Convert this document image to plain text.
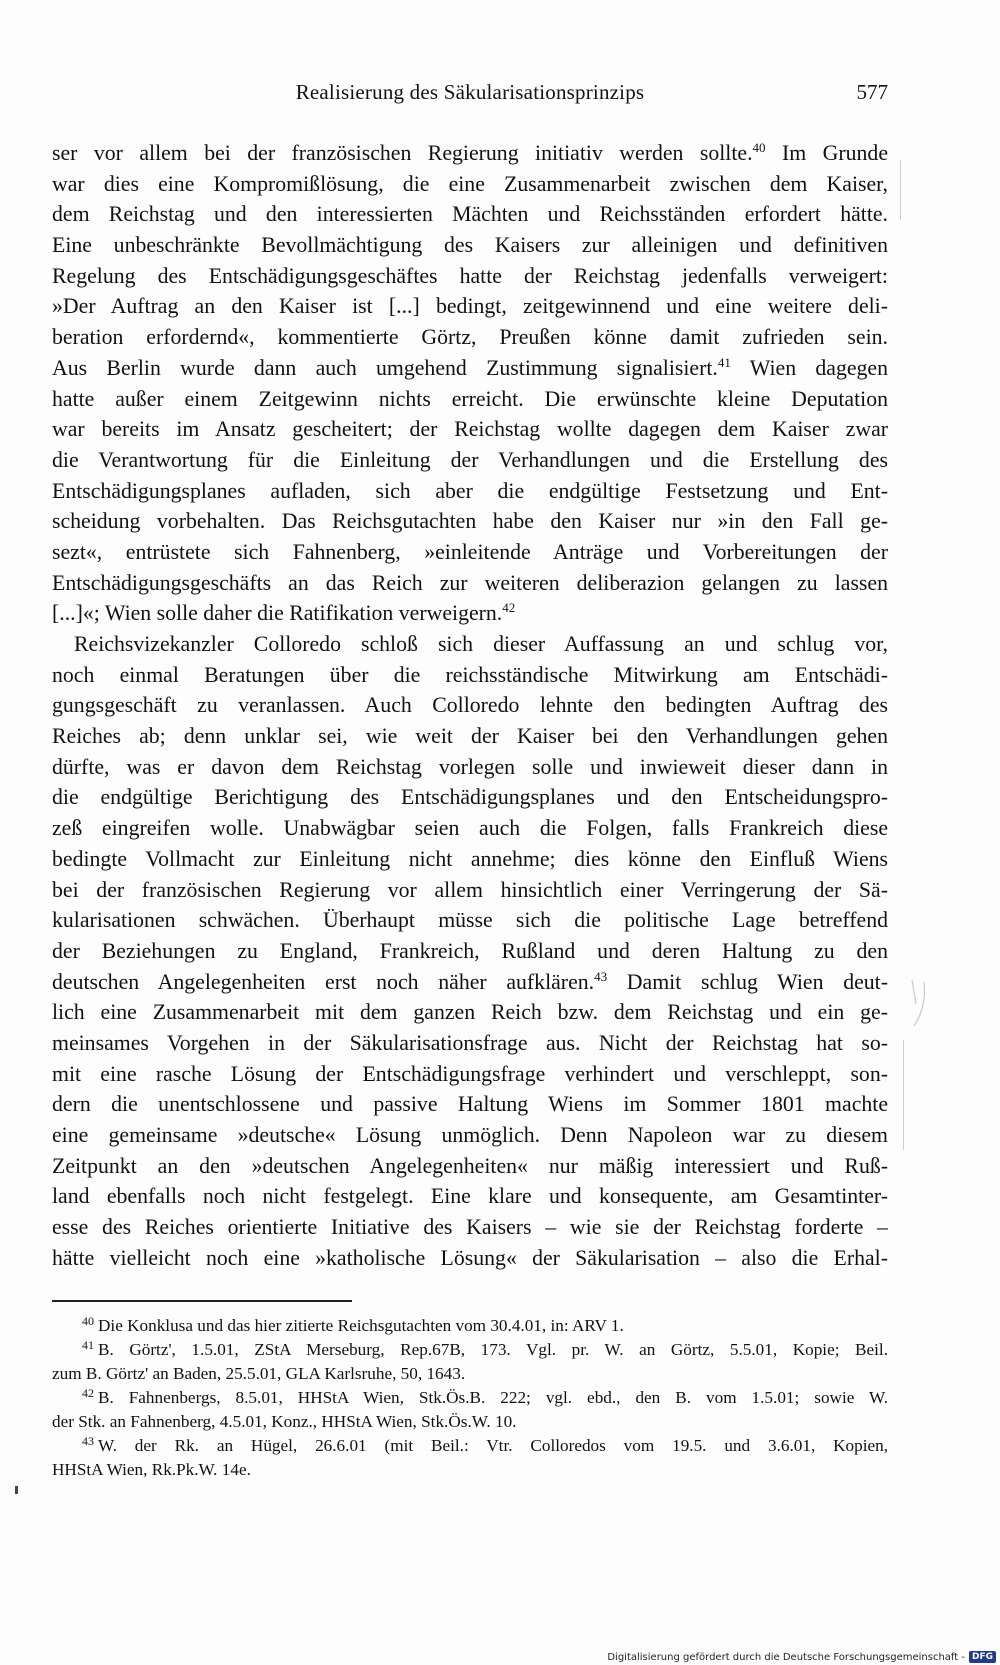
Realisierung des Säkularisationsprinzips	577
ser vor allem bei der französischen Regierung initiativ werden sollte.$^{40}$ Im Grunde
war dies eine Kompromißlösung, die eine Zusammenarbeit zwischen dem Kaiser,
dem Reichstag und den interessierten Mächten und Reichsständen erfordert hätte.
Eine unbeschränkte Bevollmächtigung des Kaisers zur alleinigen und definitiven
Regelung des Entschädigungsgeschäftes hatte der Reichstag jedenfalls verweigert:
»Der Auftrag an den Kaiser ist [...] bedingt, zeitgewinnend und eine weitere deli-
beration erfordernd«, kommentierte Görtz, Preußen könne damit zufrieden sein.
Aus Berlin wurde dann auch umgehend Zustimmung signalisiert.$^{41}$ Wien dagegen
hatte außer einem Zeitgewinn nichts erreicht. Die erwünschte kleine Deputation
war bereits im Ansatz gescheitert; der Reichstag wollte dagegen dem Kaiser zwar
die Verantwortung für die Einleitung der Verhandlungen und die Erstellung des
Entschädigungsplanes aufladen, sich aber die endgültige Festsetzung und Ent-
scheidung vorbehalten. Das Reichsgutachten habe den Kaiser nur »in den Fall ge-
sezt«, entrüstete sich Fahnenberg, »einleitende Anträge und Vorbereitungen der
Entschädigungsgeschäfts an das Reich zur weiteren deliberazion gelangen zu lassen
[...]«; Wien solle daher die Ratifikation verweigern.$^{42}$
Reichsvizekanzler Colloredo schloß sich dieser Auffassung an und schlug vor,
noch einmal Beratungen über die reichsständische Mitwirkung am Entschädi-
gungsgeschäft zu veranlassen. Auch Colloredo lehnte den bedingten Auftrag des
Reiches ab; denn unklar sei, wie weit der Kaiser bei den Verhandlungen gehen
dürfte, was er davon dem Reichstag vorlegen solle und inwieweit dieser dann in
die endgültige Berichtigung des Entschädigungsplanes und den Entscheidungspro-
zeß eingreifen wolle. Unabwägbar seien auch die Folgen, falls Frankreich diese
bedingte Vollmacht zur Einleitung nicht annehme; dies könne den Einfluß Wiens
bei der französischen Regierung vor allem hinsichtlich einer Verringerung der Sä-
kularisationen schwächen. Überhaupt müsse sich die politische Lage betreffend
der Beziehungen zu England, Frankreich, Rußland und deren Haltung zu den
deutschen Angelegenheiten erst noch näher aufklären.$^{43}$ Damit schlug Wien deut-
lich eine Zusammenarbeit mit dem ganzen Reich bzw. dem Reichstag und ein ge-
meinsames Vorgehen in der Säkularisationsfrage aus. Nicht der Reichstag hat so-
mit eine rasche Lösung der Entschädigungsfrage verhindert und verschleppt, son-
dern die unentschlossene und passive Haltung Wiens im Sommer 1801 machte
eine gemeinsame »deutsche« Lösung unmöglich. Denn Napoleon war zu diesem
Zeitpunkt an den »deutschen Angelegenheiten« nur mäßig interessiert und Ruß-
land ebenfalls noch nicht festgelegt. Eine klare und konsequente, am Gesamtinter-
esse des Reiches orientierte Initiative des Kaisers – wie sie der Reichstag forderte –
hätte vielleicht noch eine »katholische Lösung« der Säkularisation – also die Erhal-
$^{40}$ Die Konklusa und das hier zitierte Reichsgutachten vom 30.4.01, in: ARV 1.
$^{41}$ B. Görtz', 1.5.01, ZStA Merseburg, Rep.67B, 173. Vgl. pr. W. an Görtz, 5.5.01, Kopie; Beil.
zum B. Görtz' an Baden, 25.5.01, GLA Karlsruhe, 50, 1643.
$^{42}$ B. Fahnenbergs, 8.5.01, HHStA Wien, Stk.Ös.B. 222; vgl. ebd., den B. vom 1.5.01; sowie W.
der Stk. an Fahnenberg, 4.5.01, Konz., HHStA Wien, Stk.Ös.W. 10.
$^{43}$ W. der Rk. an Hügel, 26.6.01 (mit Beil.: Vtr. Colloredos vom 19.5. und 3.6.01, Kopien,
HHStA Wien, Rk.Pk.W. 14e.
Digitalisierung gefördert durch die Deutsche Forschungsgemeinschaft - DFG
